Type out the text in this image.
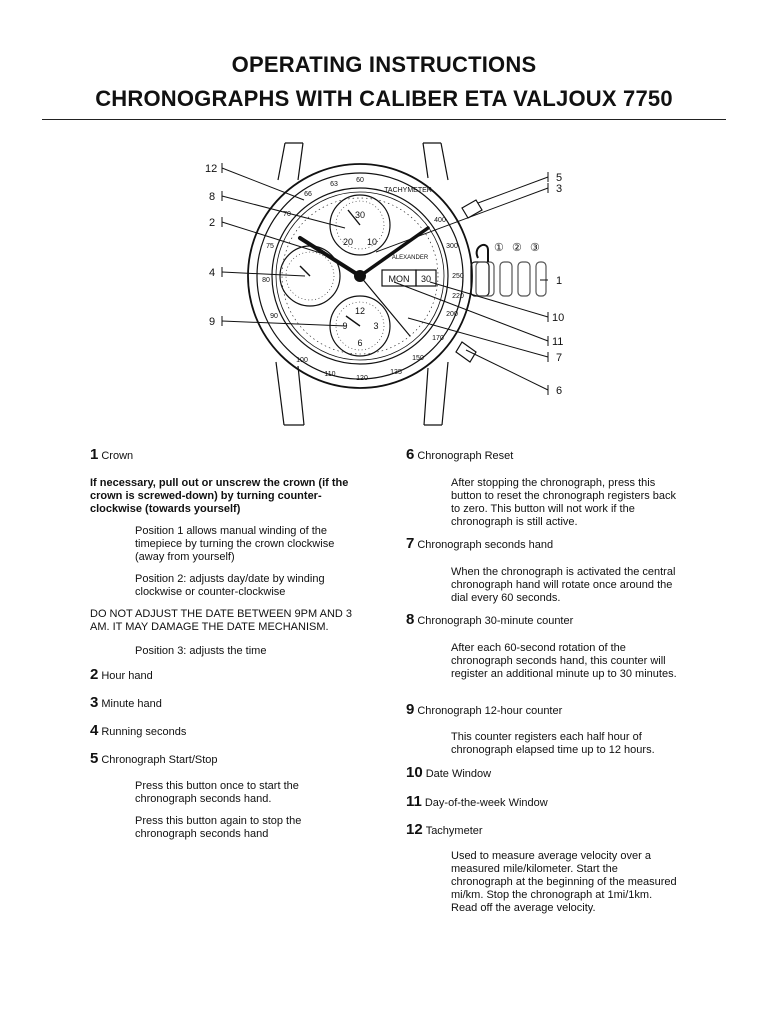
OPERATING INSTRUCTIONS
CHRONOGRAPHS WITH CALIBER ETA VALJOUX 7750
66
63
60
70
75
80
90
100
110
120
135
150
170
200
220
250
300
400
TACHYMETER
30
20 10
12
9	3
6
ALEXANDER
MON 30
① ② ③
12
8
2
4
9
5
3
1
10
11
7
6
1 Crown
If necessary, pull out or unscrew the crown (if the crown is screwed-down) by turning counter-clockwise (towards yourself)
Position 1 allows manual winding of the timepiece by turning the crown clockwise (away from yourself)
Position 2: adjusts day/date by winding clockwise or counter-clockwise
DO NOT ADJUST THE DATE BETWEEN 9PM AND 3 AM. IT MAY DAMAGE THE DATE MECHANISM.
Position 3: adjusts the time
2 Hour hand
3 Minute hand
4 Running seconds
5 Chronograph Start/Stop
Press this button once to start the chronograph seconds hand.
Press this button again to stop the chronograph seconds hand
6 Chronograph Reset
After stopping the chronograph, press this button to reset the chronograph registers back to zero. This button will not work if the chronograph is still active.
7 Chronograph seconds hand
When the chronograph is activated the central chronograph hand will rotate once around the dial every 60 seconds.
8 Chronograph 30-minute counter
After each 60-second rotation of the chronograph seconds hand, this counter will register an additional minute up to 30 minutes.
9 Chronograph 12-hour counter
This counter registers each half hour of chronograph elapsed time up to 12 hours.
10 Date Window
11 Day-of-the-week Window
12 Tachymeter
Used to measure average velocity over a measured mile/kilometer. Start the chronograph at the beginning of the measured mi/km. Stop the chronograph at 1mi/1km. Read off the average velocity.
